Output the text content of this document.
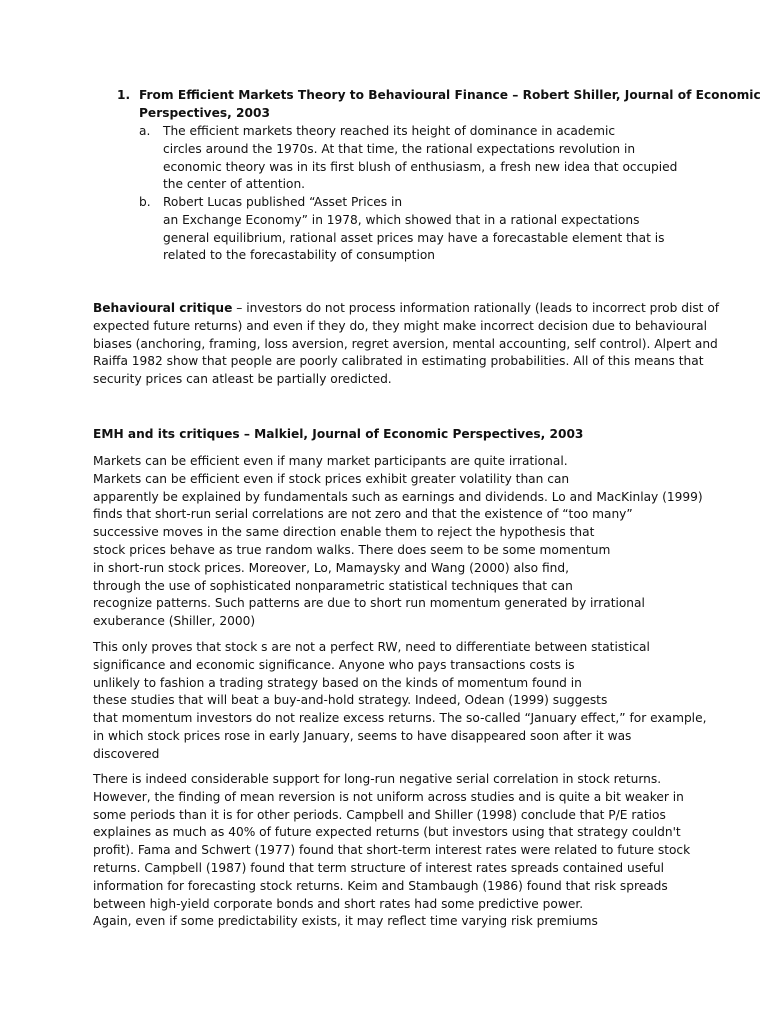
1. From Efficient Markets Theory to Behavioural Finance – Robert Shiller, Journal of Economic
Perspectives, 2003
a. The efficient markets theory reached its height of dominance in academic
circles around the 1970s. At that time, the rational expectations revolution in
economic theory was in its first blush of enthusiasm, a fresh new idea that occupied
the center of attention.
b. Robert Lucas published “Asset Prices in
an Exchange Economy” in 1978, which showed that in a rational expectations
general equilibrium, rational asset prices may have a forecastable element that is
related to the forecastability of consumption
Behavioural critique – investors do not process information rationally (leads to incorrect prob dist of
expected future returns) and even if they do, they might make incorrect decision due to behavioural
biases (anchoring, framing, loss aversion, regret aversion, mental accounting, self control). Alpert and
Raiffa 1982 show that people are poorly calibrated in estimating probabilities. All of this means that
security prices can atleast be partially oredicted.
EMH and its critiques – Malkiel, Journal of Economic Perspectives, 2003
Markets can be efficient even if many market participants are quite irrational.
Markets can be efficient even if stock prices exhibit greater volatility than can
apparently be explained by fundamentals such as earnings and dividends. Lo and MacKinlay (1999)
finds that short-run serial correlations are not zero and that the existence of “too many”
successive moves in the same direction enable them to reject the hypothesis that
stock prices behave as true random walks. There does seem to be some momentum
in short-run stock prices. Moreover, Lo, Mamaysky and Wang (2000) also find,
through the use of sophisticated nonparametric statistical techniques that can
recognize patterns. Such patterns are due to short run momentum generated by irrational
exuberance (Shiller, 2000)
This only proves that stock s are not a perfect RW, need to differentiate between statistical
significance and economic significance. Anyone who pays transactions costs is
unlikely to fashion a trading strategy based on the kinds of momentum found in
these studies that will beat a buy-and-hold strategy. Indeed, Odean (1999) suggests
that momentum investors do not realize excess returns. The so-called “January effect,” for example,
in which stock prices rose in early January, seems to have disappeared soon after it was
discovered
There is indeed considerable support for long-run negative serial correlation in stock returns.
However, the finding of mean reversion is not uniform across studies and is quite a bit weaker in
some periods than it is for other periods. Campbell and Shiller (1998) conclude that P/E ratios
explaines as much as 40% of future expected returns (but investors using that strategy couldn't
profit). Fama and Schwert (1977) found that short-term interest rates were related to future stock
returns. Campbell (1987) found that term structure of interest rates spreads contained useful
information for forecasting stock returns. Keim and Stambaugh (1986) found that risk spreads
between high-yield corporate bonds and short rates had some predictive power.
Again, even if some predictability exists, it may reflect time varying risk premiums
